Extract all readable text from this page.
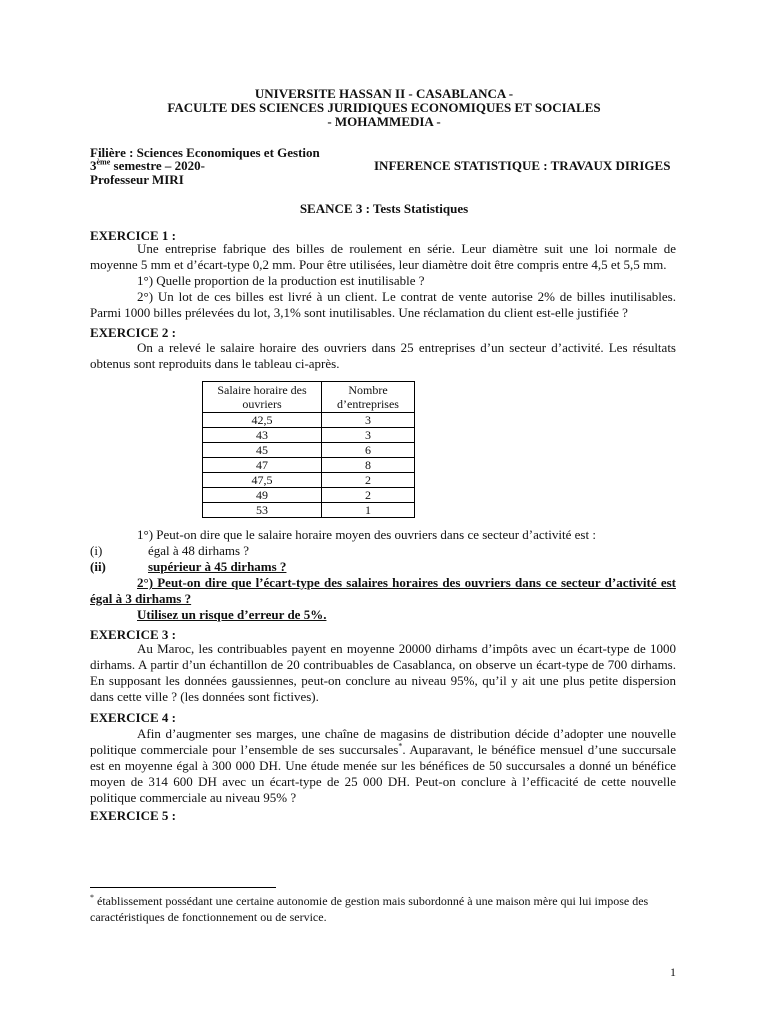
UNIVERSITE HASSAN II - CASABLANCA -
FACULTE DES SCIENCES JURIDIQUES ECONOMIQUES ET SOCIALES
- MOHAMMEDIA -
Filière : Sciences Economiques et Gestion
3ème semestre – 2020-	INFERENCE STATISTIQUE : TRAVAUX DIRIGES
Professeur MIRI
SEANCE 3 : Tests Statistiques
EXERCICE 1 :

Une entreprise fabrique des billes de roulement en série. Leur diamètre suit une loi normale de moyenne 5 mm et d’écart-type 0,2 mm. Pour être utilisées, leur diamètre doit être compris entre 4,5 et 5,5 mm.

1°) Quelle proportion de la production est inutilisable ?

2°) Un lot de ces billes est livré à un client. Le contrat de vente autorise 2% de billes inutilisables. Parmi 1000 billes prélevées du lot, 3,1% sont inutilisables. Une réclamation du client est-elle justifiée ?

EXERCICE 2 :

On a relevé le salaire horaire des ouvriers dans 25 entreprises d’un secteur d’activité. Les résultats obtenus sont reproduits dans le tableau ci-après.

Salaire horaire des ouvriers	Nombre d’entreprises
42,5	3
43	3
45	6
47	8
47,5	2
49	2
53	1

1°) Peut-on dire que le salaire horaire moyen des ouvriers dans ce secteur d’activité est :

(i)	égal à 48 dirhams ?

(ii)	supérieur à 45 dirhams ?

2°) Peut-on dire que l’écart-type des salaires horaires des ouvriers dans ce secteur d’activité est égal à 3 dirhams ?

Utilisez un risque d’erreur de 5%.

EXERCICE 3 :

Au Maroc, les contribuables payent en moyenne 20000 dirhams d’impôts avec un écart-type de 1000 dirhams. A partir d’un échantillon de 20 contribuables de Casablanca, on observe un écart-type de 700 dirhams. En supposant les données gaussiennes, peut-on conclure au niveau 95%, qu’il y ait une plus petite dispersion dans cette ville ? (les données sont fictives).

EXERCICE 4 :

Afin d’augmenter ses marges, une chaîne de magasins de distribution décide d’adopter une nouvelle politique commerciale pour l’ensemble de ses succursales*. Auparavant, le bénéfice mensuel d’une succursale est en moyenne égal à 300 000 DH. Une étude menée sur les bénéfices de 50 succursales a donné un bénéfice moyen de 314 600 DH avec un écart-type de 25 000 DH. Peut-on conclure à l’efficacité de cette nouvelle politique commerciale au niveau 95% ?

EXERCICE 5 :
* établissement possédant une certaine autonomie de gestion mais subordonné à une maison mère qui lui impose des caractéristiques de fonctionnement ou de service.
1
